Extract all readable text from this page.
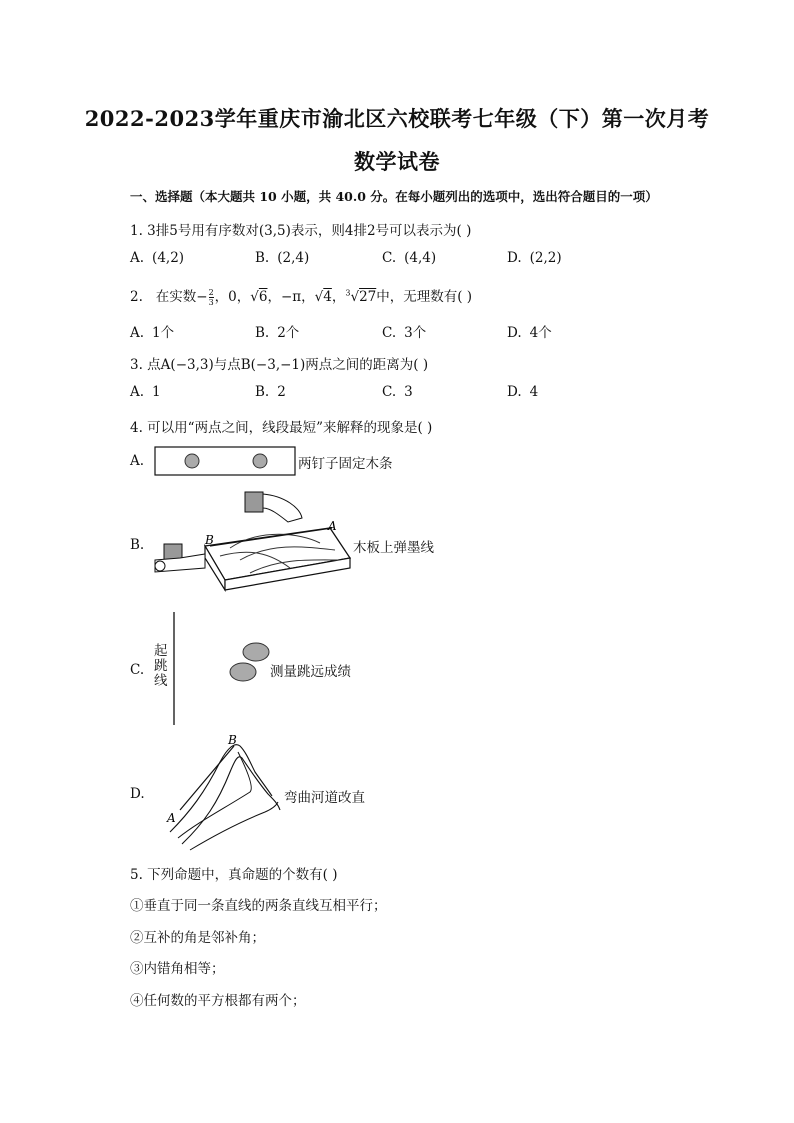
2022-2023学年重庆市渝北区六校联考七年级（下）第一次月考
数学试卷
一、选择题（本大题共 10 小题，共 40.0 分。在每小题列出的选项中，选出符合题目的一项）
1. 3排5号用有序数对(3,5)表示，则4排2号可以表示为( )
A. (4,2)	B. (2,4)	C. (4,4)	D. (2,2)
2. 在实数− $\frac{2}{3}$ ，0，√6，−π，√4，$^3$√27中，无理数有( )
A. 1个	B. 2个	C. 3个	D. 4个
3. 点A(−3,3)与点B(−3,−1)两点之间的距离为( )
A. 1	B. 2	C. 3	D. 4
4. 可以用“两点之间，线段最短”来解释的现象是( )
A.	两钉子固定木条
B.	B
A
木板上弹墨线
C.
起
跳
线
测量跳远成绩
D.
A
B
弯曲河道改直
5. 下列命题中，真命题的个数有( )
①垂直于同一条直线的两条直线互相平行；
②互补的角是邻补角；
③内错角相等；
④任何数的平方根都有两个；
